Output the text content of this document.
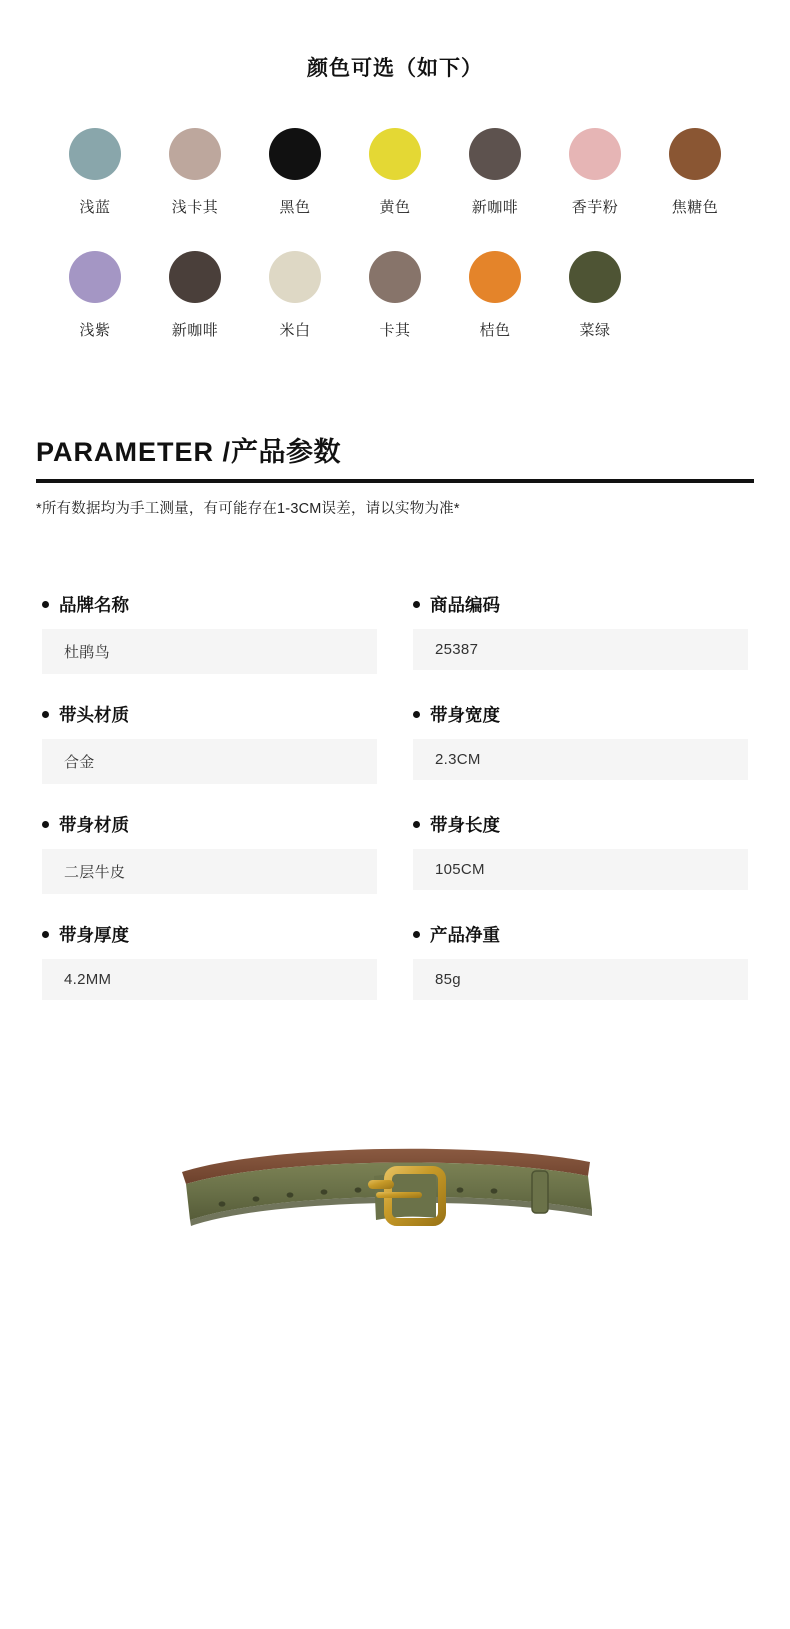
颜色可选（如下）
浅蓝	浅卡其	黑色	黄色	新咖啡	香芋粉	焦糖色
浅紫	新咖啡	米白	卡其	桔色	菜绿
PARAMETER /产品参数
*所有数据均为手工测量，有可能存在1-3CM误差，请以实物为准*
品牌名称
杜鹃鸟
商品编码
25387
带头材质
合金
带身宽度
2.3CM
带身材质
二层牛皮
带身长度
105CM
带身厚度
4.2MM
产品净重
85g
